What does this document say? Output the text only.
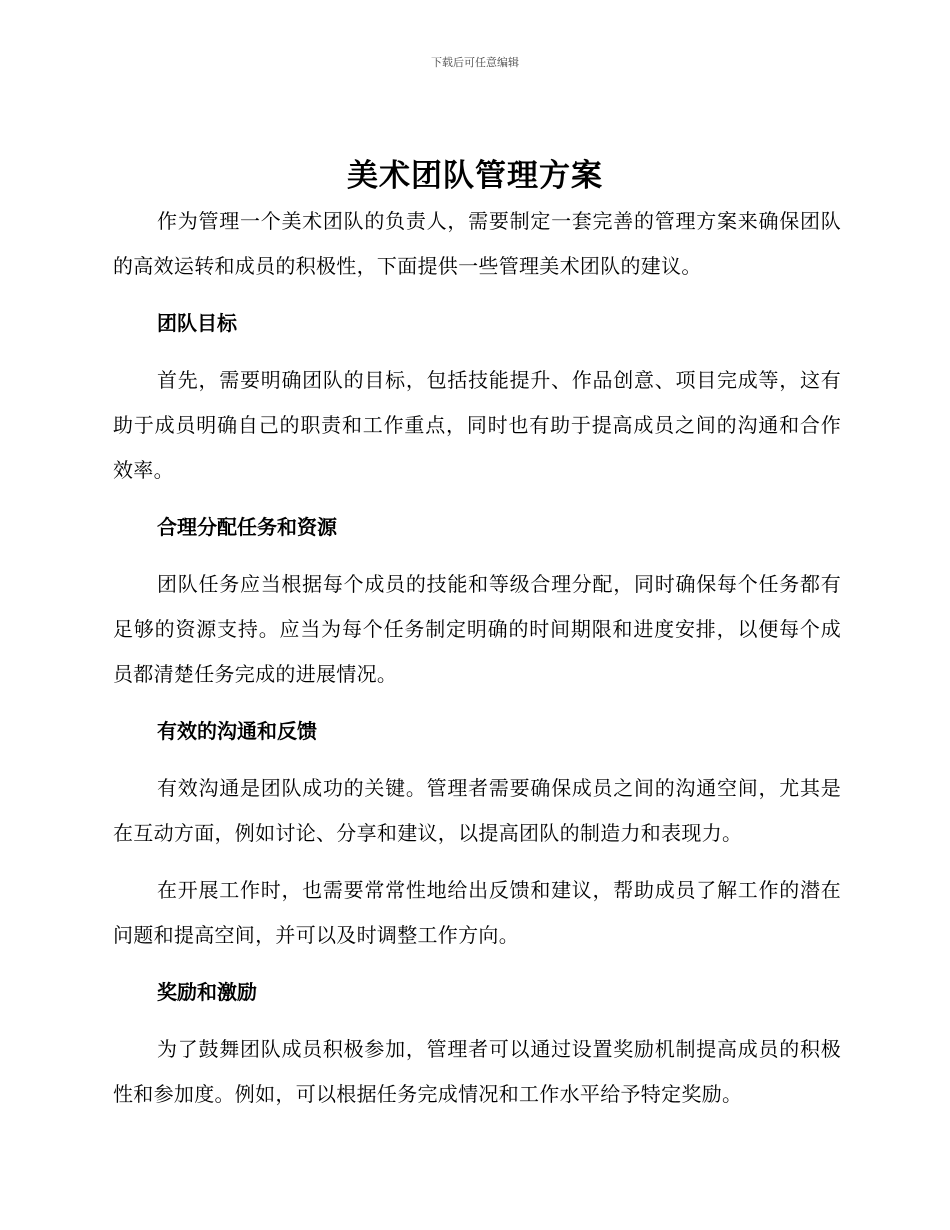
下载后可任意编辑
美术团队管理方案

作为管理一个美术团队的负责人，需要制定一套完善的管理方案来确保团队的高效运转和成员的积极性，下面提供一些管理美术团队的建议。

团队目标

首先，需要明确团队的目标，包括技能提升、作品创意、项目完成等，这有助于成员明确自己的职责和工作重点，同时也有助于提高成员之间的沟通和合作效率。

合理分配任务和资源

团队任务应当根据每个成员的技能和等级合理分配，同时确保每个任务都有足够的资源支持。应当为每个任务制定明确的时间期限和进度安排，以便每个成员都清楚任务完成的进展情况。

有效的沟通和反馈

有效沟通是团队成功的关键。管理者需要确保成员之间的沟通空间，尤其是在互动方面，例如讨论、分享和建议，以提高团队的制造力和表现力。

在开展工作时，也需要常常性地给出反馈和建议，帮助成员了解工作的潜在问题和提高空间，并可以及时调整工作方向。

奖励和激励

为了鼓舞团队成员积极参加，管理者可以通过设置奖励机制提高成员的积极性和参加度。例如，可以根据任务完成情况和工作水平给予特定奖励。
